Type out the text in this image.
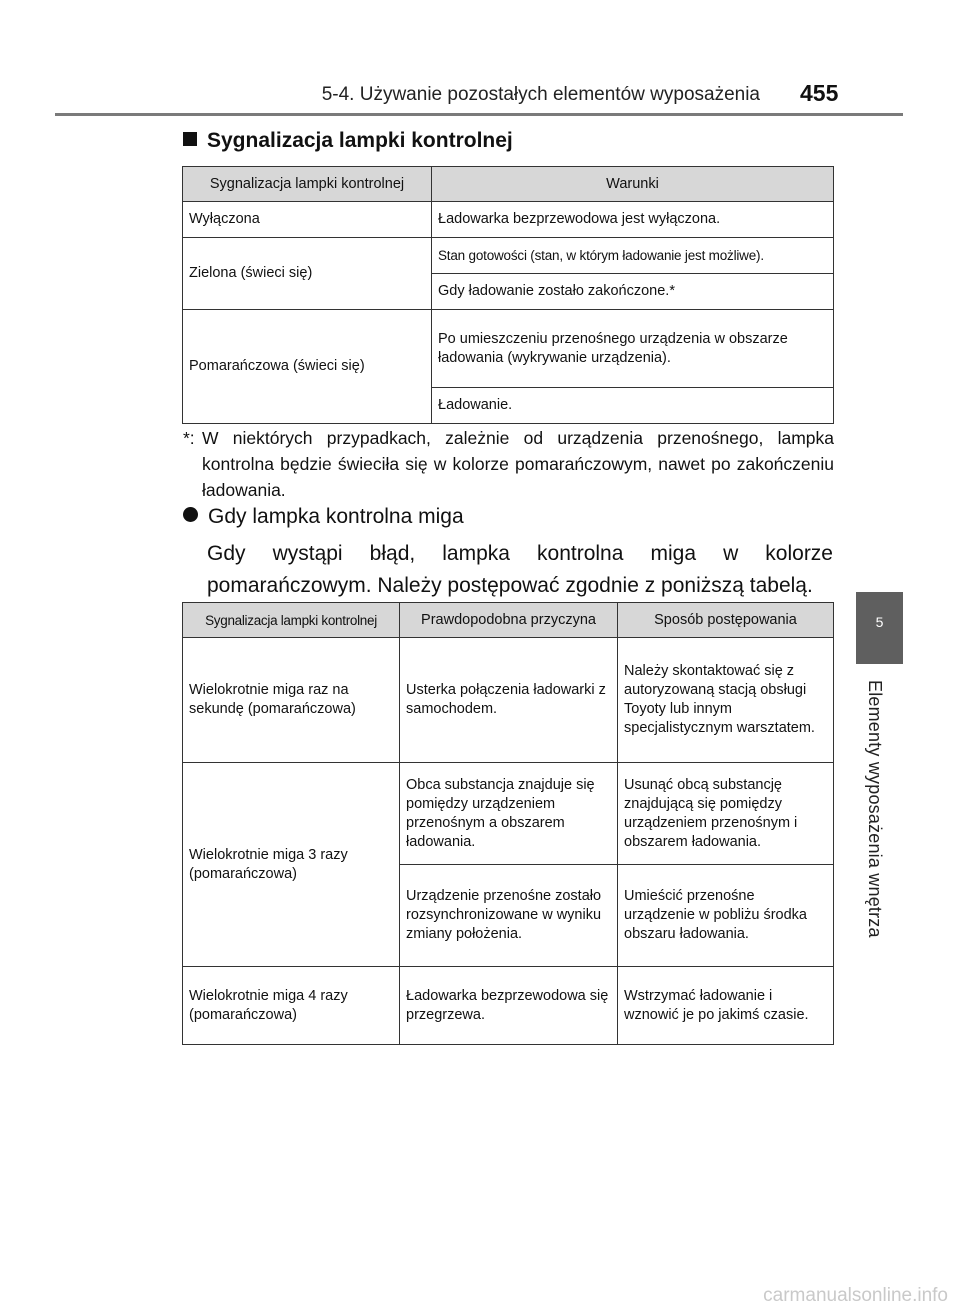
5-4. Używanie pozostałych elementów wyposażenia 455
Sygnalizacja lampki kontrolnej
Sygnalizacja lampki kontrolnej	Warunki
Wyłączona	Ładowarka bezprzewodowa jest wyłączona.
Zielona (świeci się)	Stan gotowości (stan, w którym ładowanie jest możliwe).
	Gdy ładowanie zostało zakończone.*
Pomarańczowa (świeci się)	Po umieszczeniu przenośnego urządzenia w obszarze ładowania (wykrywanie urządzenia).
	Ładowanie.
*: W niektórych przypadkach, zależnie od urządzenia przenośnego, lampka kontrolna będzie świeciła się w kolorze pomarańczowym, nawet po zakończeniu ładowania.
Gdy lampka kontrolna miga
Gdy wystąpi błąd, lampka kontrolna miga w kolorze pomarańczowym. Należy postępować zgodnie z poniższą tabelą.
Sygnalizacja lampki kontrolnej	Prawdopodobna przyczyna	Sposób postępowania
Wielokrotnie miga raz na sekundę (pomarańczowa)	Usterka połączenia ładowarki z samochodem.	Należy skontaktować się z autoryzowaną stacją obsługi Toyoty lub innym specjalistycznym warsztatem.
Wielokrotnie miga 3 razy (pomarańczowa)	Obca substancja znajduje się pomiędzy urządzeniem przenośnym a obszarem ładowania.	Usunąć obcą substancję znajdującą się pomiędzy urządzeniem przenośnym i obszarem ładowania.
	Urządzenie przenośne zostało rozsynchronizowane w wyniku zmiany położenia.	Umieścić przenośne urządzenie w pobliżu środka obszaru ładowania.
Wielokrotnie miga 4 razy (pomarańczowa)	Ładowarka bezprzewodowa się przegrzewa.	Wstrzymać ładowanie i wznowić je po jakimś czasie.
5
Elementy wyposażenia wnętrza
carmanualsonline.info
